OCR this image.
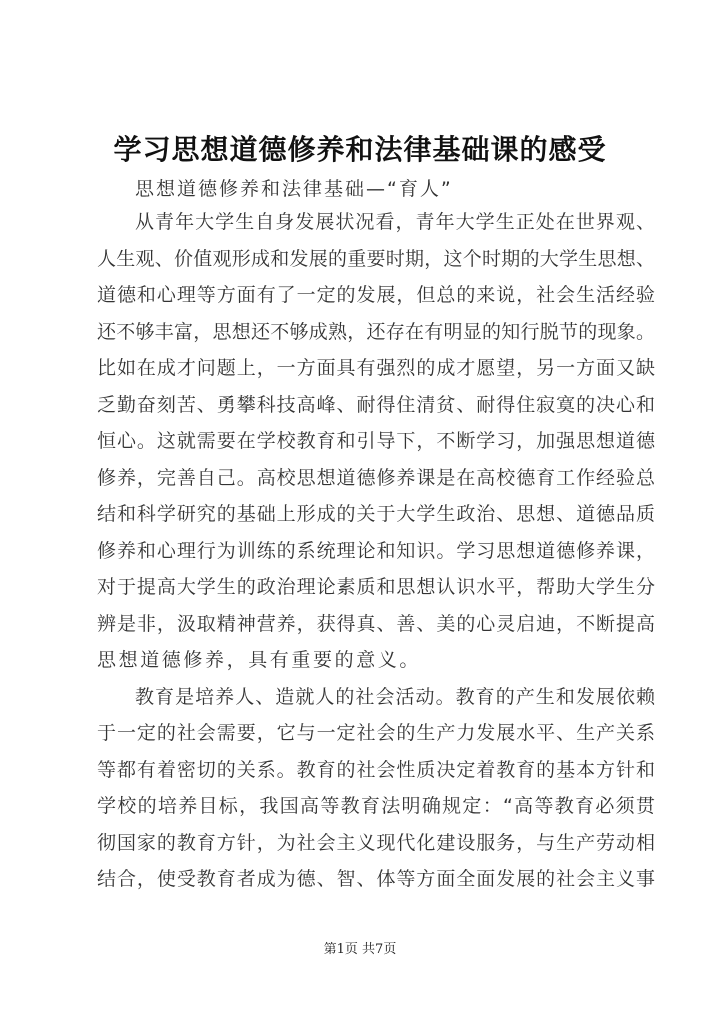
学习思想道德修养和法律基础课的感受
思想道德修养和法律基础—“育人”
从青年大学生自身发展状况看，青年大学生正处在世界观、
人生观、价值观形成和发展的重要时期，这个时期的大学生思想、
道德和心理等方面有了一定的发展，但总的来说，社会生活经验
还不够丰富，思想还不够成熟，还存在有明显的知行脱节的现象。
比如在成才问题上，一方面具有强烈的成才愿望，另一方面又缺
乏勤奋刻苦、勇攀科技高峰、耐得住清贫、耐得住寂寞的决心和
恒心。这就需要在学校教育和引导下，不断学习，加强思想道德
修养，完善自己。高校思想道德修养课是在高校德育工作经验总
结和科学研究的基础上形成的关于大学生政治、思想、道德品质
修养和心理行为训练的系统理论和知识。学习思想道德修养课，
对于提高大学生的政治理论素质和思想认识水平，帮助大学生分
辨是非，汲取精神营养，获得真、善、美的心灵启迪，不断提高
思想道德修养，具有重要的意义。
教育是培养人、造就人的社会活动。教育的产生和发展依赖
于一定的社会需要，它与一定社会的生产力发展水平、生产关系
等都有着密切的关系。教育的社会性质决定着教育的基本方针和
学校的培养目标，我国高等教育法明确规定：“高等教育必须贯
彻国家的教育方针，为社会主义现代化建设服务，与生产劳动相
结合，使受教育者成为德、智、体等方面全面发展的社会主义事
第1页 共7页
